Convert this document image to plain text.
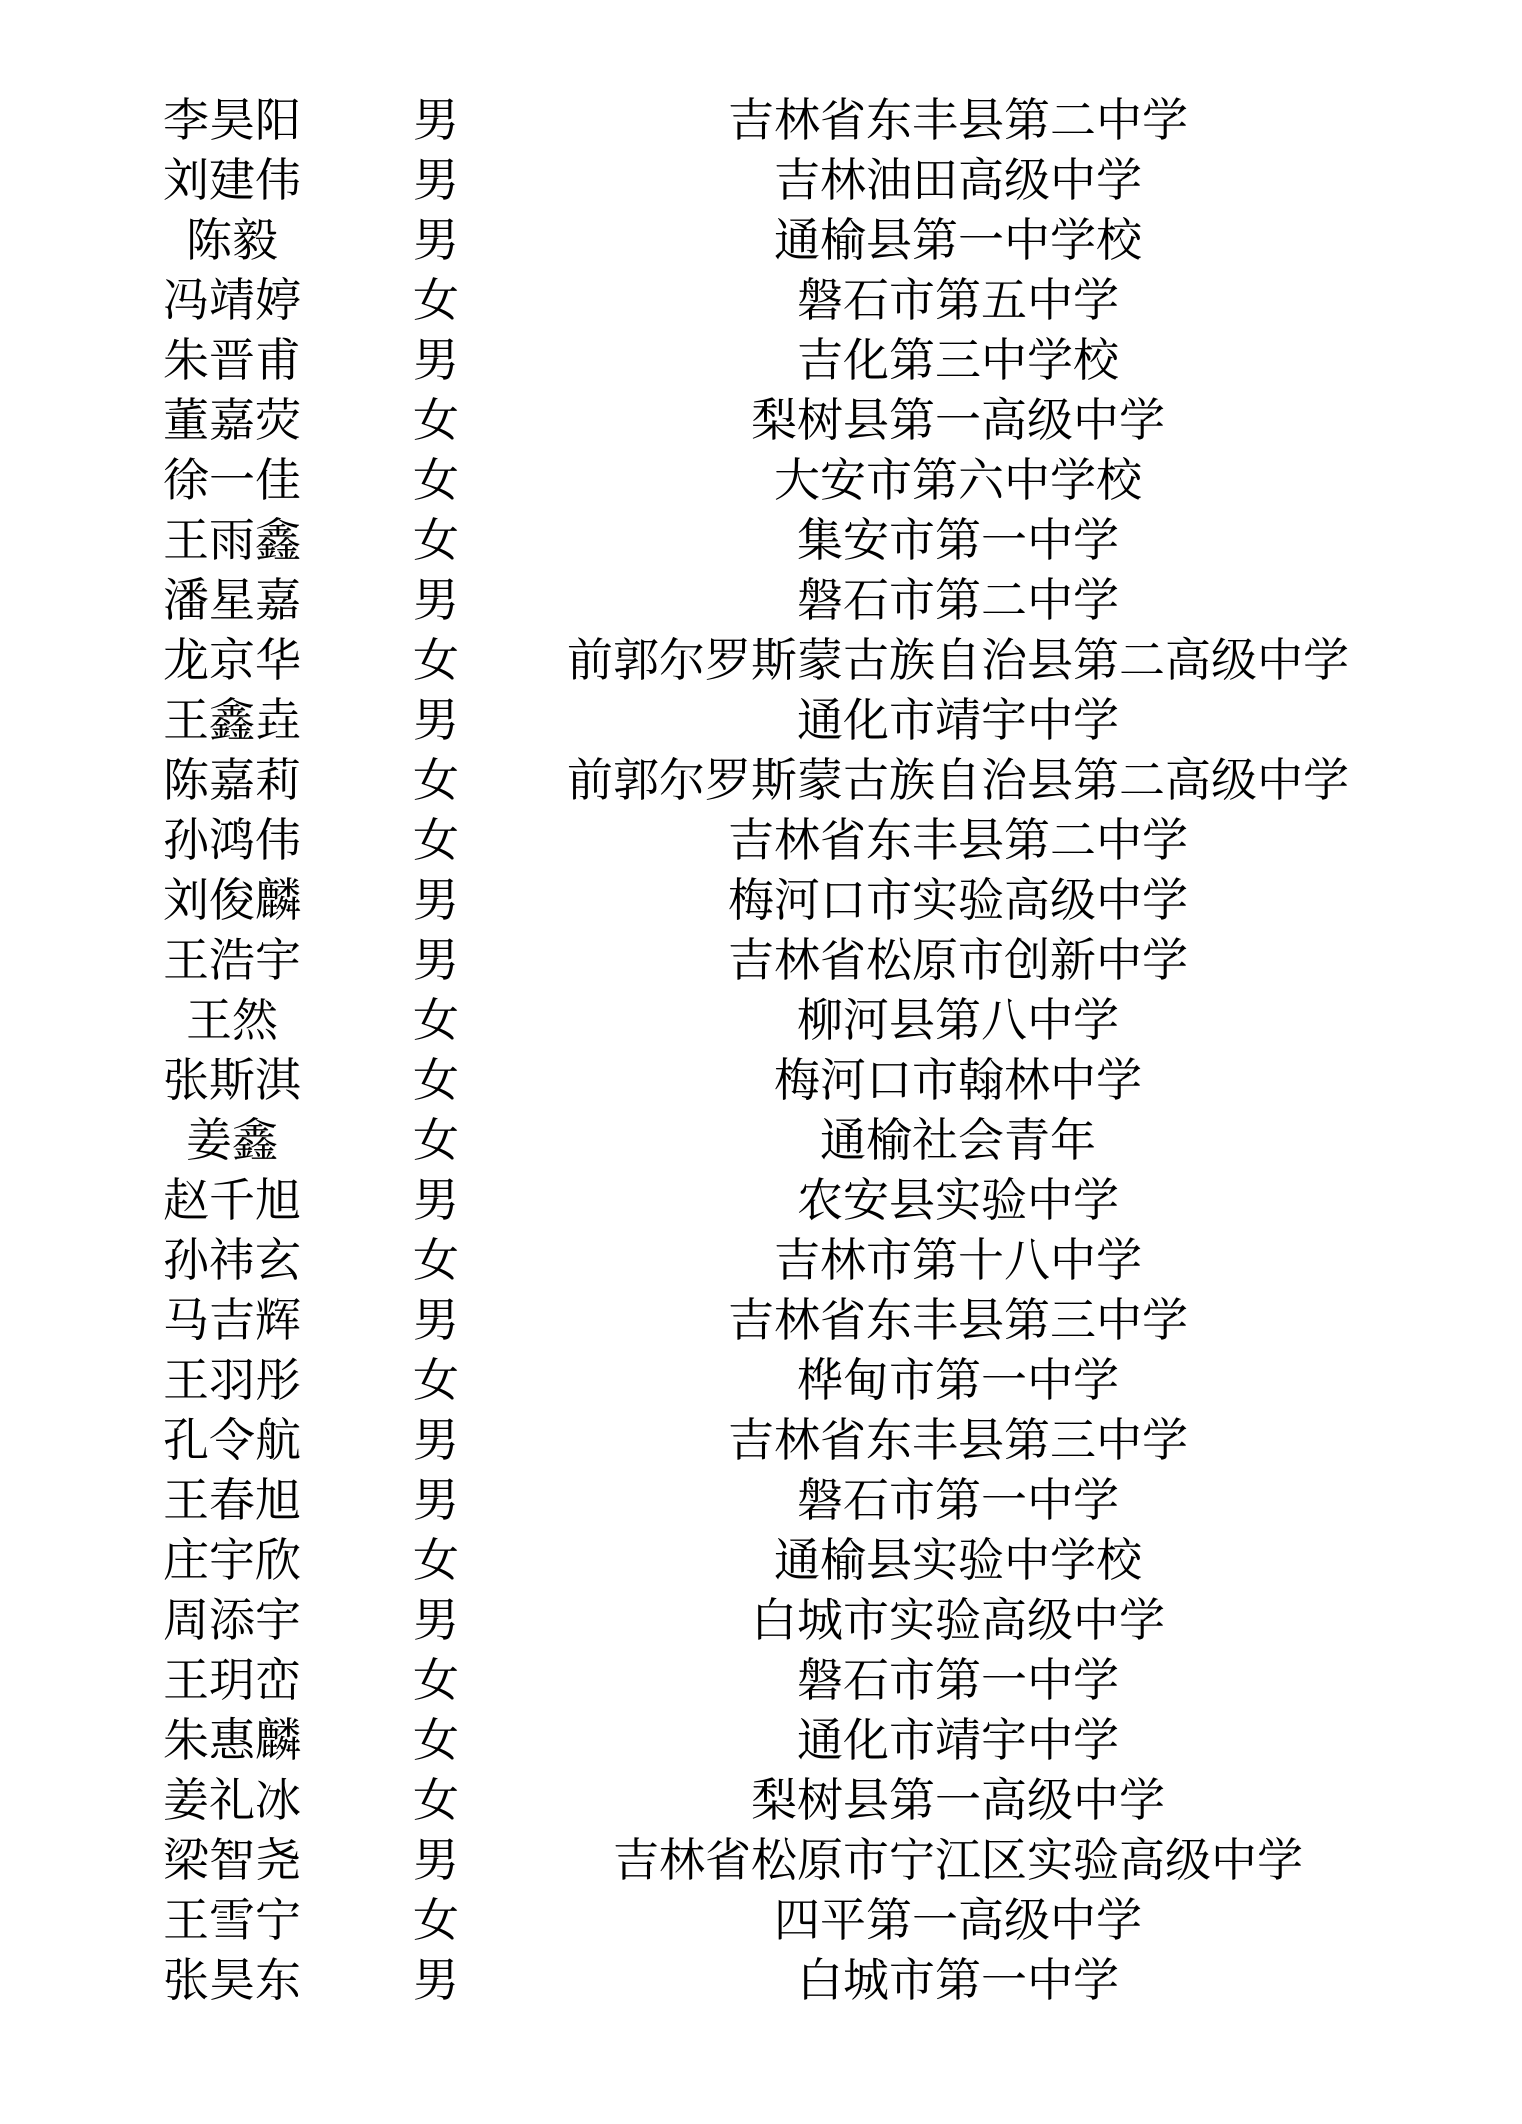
李昊阳 男	吉林省东丰县第二中学
刘建伟 男	吉林油田高级中学
陈毅	男	通榆县第一中学校
冯靖婷 女	磐石市第五中学
朱晋甫 男	吉化第三中学校
董嘉荧 女	梨树县第一高级中学
徐一佳 女	大安市第六中学校
王雨鑫 女	集安市第一中学
潘星嘉 男	磐石市第二中学
龙京华 女 前郭尔罗斯蒙古族自治县第二高级中学
王鑫垚 男	通化市靖宇中学
陈嘉莉 女 前郭尔罗斯蒙古族自治县第二高级中学
孙鸿伟 女	吉林省东丰县第二中学
刘俊麟 男	梅河口市实验高级中学
王浩宇 男	吉林省松原市创新中学
王然	女	柳河县第八中学
张斯淇 女	梅河口市翰林中学
姜鑫	女	通榆社会青年
赵千旭 男	农安县实验中学
孙祎玄 女	吉林市第十八中学
马吉辉 男	吉林省东丰县第三中学
王羽彤 女	桦甸市第一中学
孔令航 男	吉林省东丰县第三中学
王春旭 男	磐石市第一中学
庄宇欣 女	通榆县实验中学校
周添宇 男	白城市实验高级中学
王玥峦 女	磐石市第一中学
朱惠麟 女	通化市靖宇中学
姜礼冰 女	梨树县第一高级中学
梁智尧 男	吉林省松原市宁江区实验高级中学
王雪宁 女	四平第一高级中学
张昊东 男	白城市第一中学
